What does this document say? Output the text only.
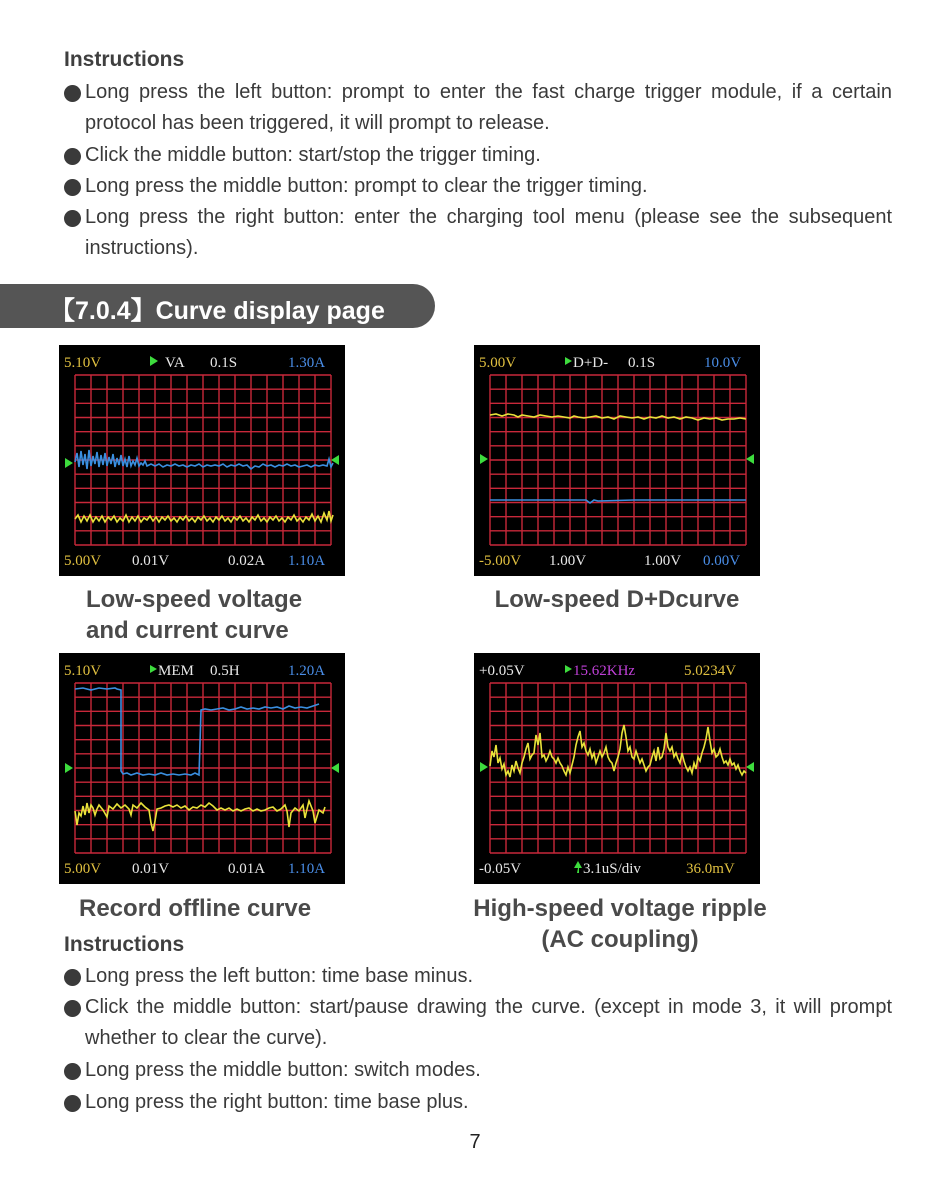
Instructions
Long press the left button: prompt to enter the fast charge trigger module, if a certain protocol has been triggered, it will prompt to release.
Click the middle button: start/stop the trigger timing.
Long press the middle button: prompt to clear the trigger timing.
Long press the right button: enter the charging tool menu (please see the subsequent instructions).
【7.0.4】Curve display page
5.10V	VA 0.1S	1.30A
5.00V 0.01V	0.02A 1.10A
5.00V	D+D- 0.1S	10.0V
-5.00V 1.00V	1.00V 0.00V
5.10V	MEM 0.5H	1.20A
5.00V 0.01V	0.01A 1.10A
+0.05V	15.62KHz	5.0234V
-0.05V	3.1uS/div	36.0mV
Low-speed voltage
and current curve
Low-speed D+Dcurve
Record offline curve	High-speed voltage ripple
(AC coupling)
Instructions
Long press the left button: time base minus.
Click the middle button: start/pause drawing the curve. (except in mode 3, it will prompt whether to clear the curve).
Long press the middle button: switch modes.
Long press the right button: time base plus.
7
